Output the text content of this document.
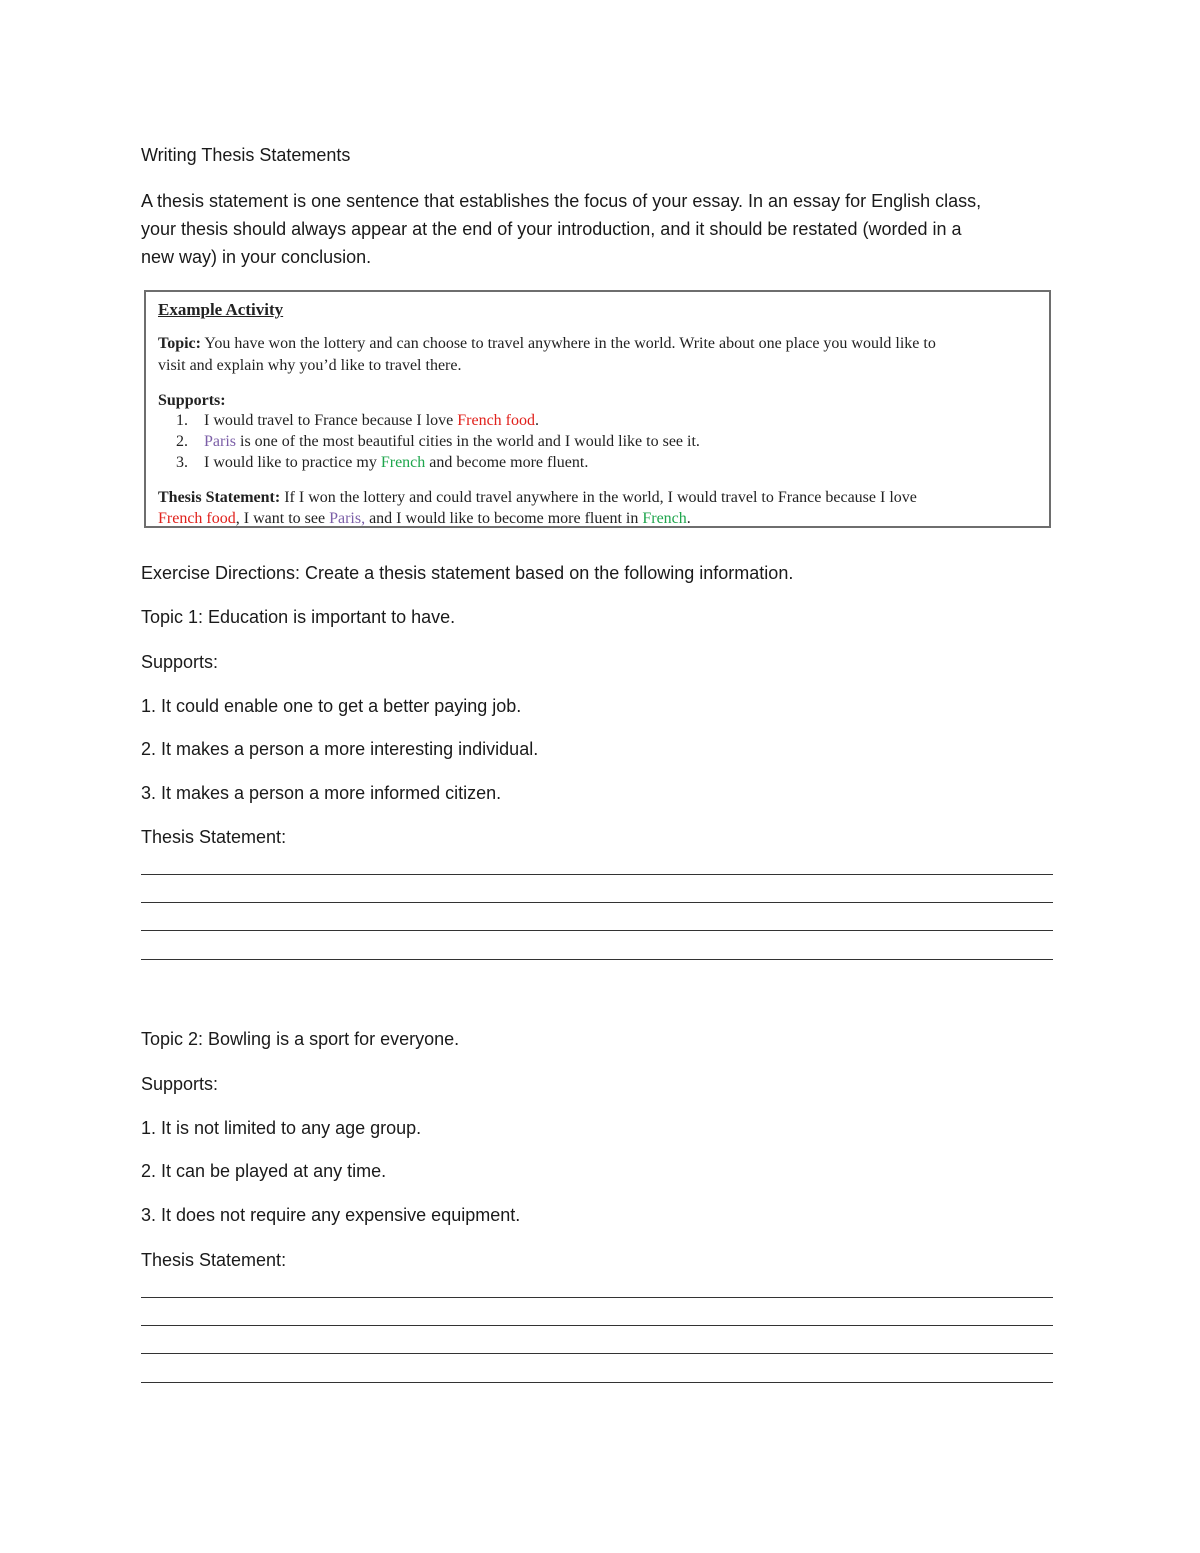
Writing Thesis Statements

A thesis statement is one sentence that establishes the focus of your essay. In an essay for English class,
your thesis should always appear at the end of your introduction, and it should be restated (worded in a
new way) in your conclusion.
Example Activity
Topic: You have won the lottery and can choose to travel anywhere in the world. Write about one place you would like to
visit and explain why you’d like to travel there.
Supports:
1. I would travel to France because I love French food.
2. Paris is one of the most beautiful cities in the world and I would like to see it.
3. I would like to practice my French and become more fluent.
Thesis Statement: If I won the lottery and could travel anywhere in the world, I would travel to France because I love
French food, I want to see Paris, and I would like to become more fluent in French.

Exercise Directions: Create a thesis statement based on the following information.

Topic 1: Education is important to have.

Supports:

1. It could enable one to get a better paying job.

2. It makes a person a more interesting individual.

3. It makes a person a more informed citizen.

Thesis Statement:

Topic 2: Bowling is a sport for everyone.

Supports:

1. It is not limited to any age group.

2. It can be played at any time.

3. It does not require any expensive equipment.

Thesis Statement:
